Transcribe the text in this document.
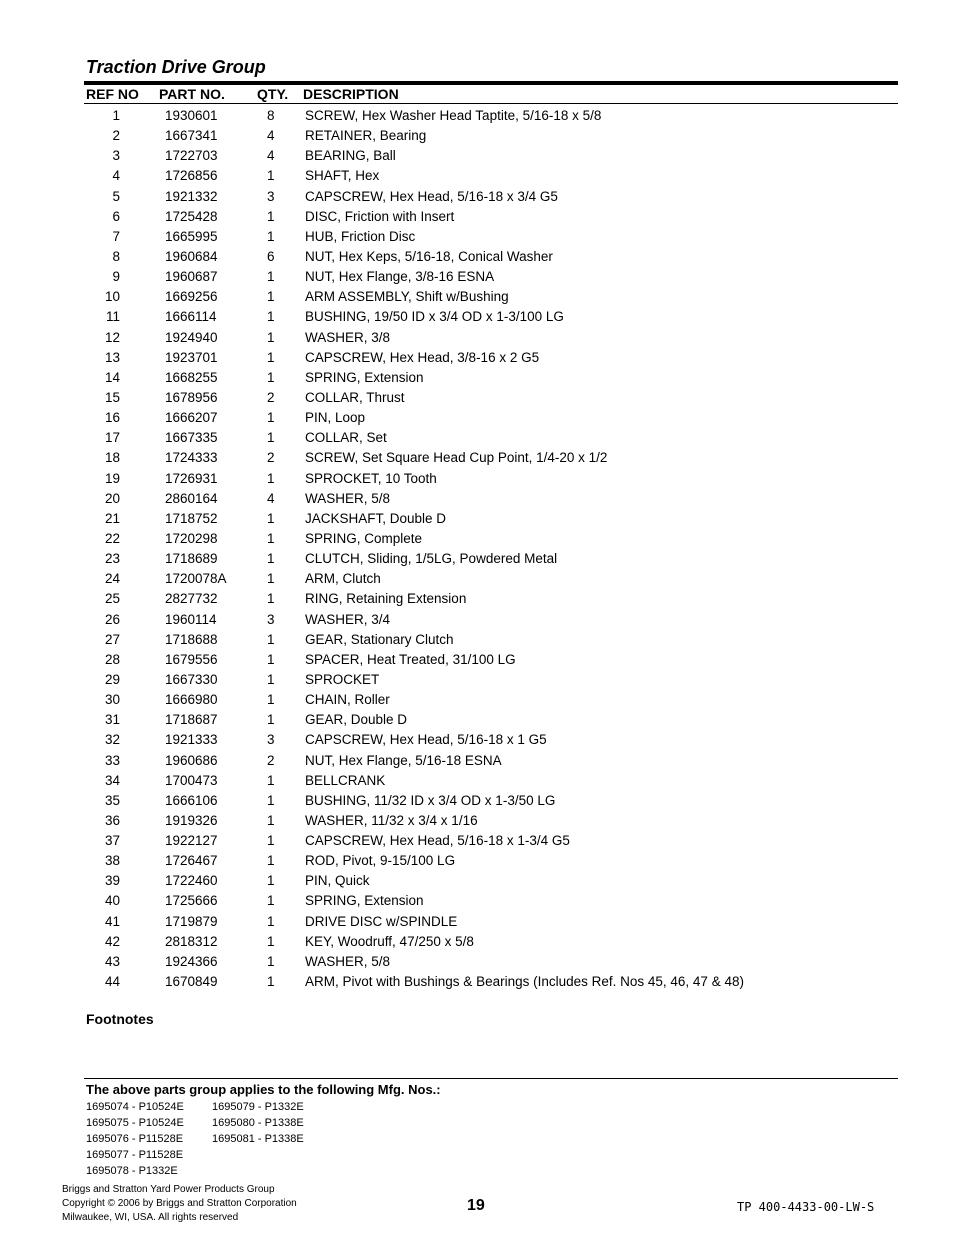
Traction Drive Group
REF NO PART NO. QTY. DESCRIPTION
1	1930601	8 SCREW, Hex Washer Head Taptite, 5/16-18 x 5/8
2	1667341	4 RETAINER, Bearing
3	1722703	4 BEARING, Ball
4	1726856	1 SHAFT, Hex
5	1921332	3 CAPSCREW, Hex Head, 5/16-18 x 3/4 G5
6	1725428	1 DISC, Friction with Insert
7	1665995	1 HUB, Friction Disc
8	1960684	6 NUT, Hex Keps, 5/16-18, Conical Washer
9	1960687	1 NUT, Hex Flange, 3/8-16 ESNA
10	1669256	1 ARM ASSEMBLY, Shift w/Bushing
11	1666114	1 BUSHING, 19/50 ID x 3/4 OD x 1-3/100 LG
12	1924940	1 WASHER, 3/8
13	1923701	1 CAPSCREW, Hex Head, 3/8-16 x 2 G5
14	1668255	1 SPRING, Extension
15	1678956	2 COLLAR, Thrust
16	1666207	1 PIN, Loop
17	1667335	1 COLLAR, Set
18	1724333	2 SCREW, Set Square Head Cup Point, 1/4-20 x 1/2
19	1726931	1 SPROCKET, 10 Tooth
20	2860164	4 WASHER, 5/8
21	1718752	1 JACKSHAFT, Double D
22	1720298	1 SPRING, Complete
23	1718689	1 CLUTCH, Sliding, 1/5LG, Powdered Metal
24	1720078A	1 ARM, Clutch
25	2827732	1 RING, Retaining Extension
26	1960114	3 WASHER, 3/4
27	1718688	1 GEAR, Stationary Clutch
28	1679556	1 SPACER, Heat Treated, 31/100 LG
29	1667330	1 SPROCKET
30	1666980	1 CHAIN, Roller
31	1718687	1 GEAR, Double D
32	1921333	3 CAPSCREW, Hex Head, 5/16-18 x 1 G5
33	1960686	2 NUT, Hex Flange, 5/16-18 ESNA
34	1700473	1 BELLCRANK
35	1666106	1 BUSHING, 11/32 ID x 3/4 OD x 1-3/50 LG
36	1919326	1 WASHER, 11/32 x 3/4 x 1/16
37	1922127	1 CAPSCREW, Hex Head, 5/16-18 x 1-3/4 G5
38	1726467	1 ROD, Pivot, 9-15/100 LG
39	1722460	1 PIN, Quick
40	1725666	1 SPRING, Extension
41	1719879	1 DRIVE DISC w/SPINDLE
42	2818312	1 KEY, Woodruff, 47/250 x 5/8
43	1924366	1 WASHER, 5/8
44	1670849	1 ARM, Pivot with Bushings & Bearings (Includes Ref. Nos 45, 46, 47 & 48)
Footnotes
The above parts group applies to the following Mfg. Nos.:
1695074 - P10524E
1695075 - P10524E
1695076 - P11528E
1695077 - P11528E
1695078 - P1332E
1695079 - P1332E
1695080 - P1338E
1695081 - P1338E
Briggs and Stratton Yard Power Products Group
Copyright © 2006 by Briggs and Stratton Corporation
Milwaukee, WI, USA. All rights reserved
19	TP 400-4433-00-LW-S
